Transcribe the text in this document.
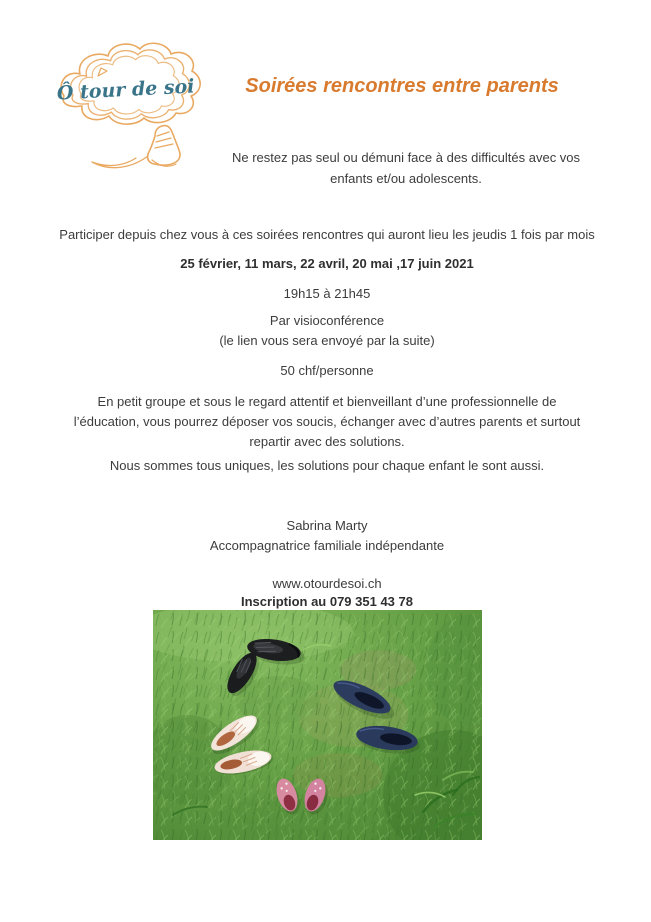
Ô tour de soi	Soirées rencontres entre parents
Ne restez pas seul ou démuni face à des difficultés avec vos
enfants et/ou adolescents.
Participer depuis chez vous à ces soirées rencontres qui auront lieu les jeudis 1 fois par mois
25 février, 11 mars, 22 avril, 20 mai ,17 juin 2021
19h15 à 21h45
Par visioconférence
(le lien vous sera envoyé par la suite)
50 chf/personne
En petit groupe et sous le regard attentif et bienveillant d’une professionnelle de
l’éducation, vous pourrez déposer vos soucis, échanger avec d’autres parents et surtout
repartir avec des solutions.
Nous sommes tous uniques, les solutions pour chaque enfant le sont aussi.
Sabrina Marty
Accompagnatrice familiale indépendante
www.otourdesoi.ch
Inscription au 079 351 43 78
